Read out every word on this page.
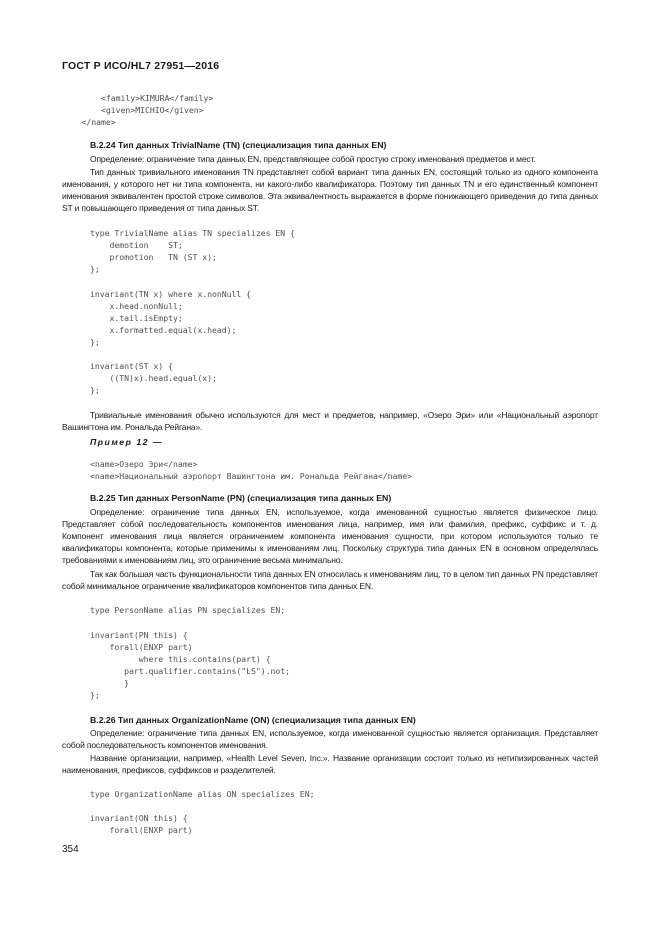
ГОСТ Р ИСО/HL7 27951—2016
<family>KIMURA</family>
<given>MICHIO</given>
</name>
B.2.24 Тип данных TrivialName (TN) (специализация типа данных EN)
Определение: ограничение типа данных EN, представляющее собой простую строку именования предметов и мест.
Тип данных тривиального именования TN представляет собой вариант типа данных EN, состоящий только из одного компонента именования, у которого нет ни типа компонента, ни какого-либо квалификатора. Поэтому тип данных TN и его единственный компонент именования эквивалентен простой строке символов. Эта эквивалентность выражается в форме понижающего приведения до типа данных ST и повышающего приведения от типа данных ST.
type TrivialName alias TN specializes EN {
demotion    ST;
promotion   TN (ST x);
};
invariant(TN x) where x.nonNull {
x.head.nonNull;
x.tail.isEmpty;
x.formatted.equal(x.head);
};
invariant(ST x) {
((TN)x).head.equal(x);
};
Тривиальные именования обычно используются для мест и предметов, например, «Озеро Эри» или «Национальный аэропорт Вашингтона им. Рональда Рейгана».
Пример 12 —
<name>Озеро Эри</name>
<name>Национальный аэропорт Вашингтона им. Рональда Рейгана</name>
B.2.25 Тип данных PersonName (PN) (специализация типа данных EN)
Определение: ограничение типа данных EN, используемое, когда именованной сущностью является физическое лицо. Представляет собой последовательность компонентов именования лица, например, имя или фамилия, префикс, суффикс и т. д. Компонент именования лица является ограничением компонента именования сущности, при котором используются только те квалификаторы компонента, которые применимы к именованиям лиц. Поскольку структура типа данных EN в основном определялась требованиями к именованиям лиц, это ограничение весьма минимально.
Так как большая часть функциональности типа данных EN относилась к именованиям лиц, то в целом тип данных PN представляет собой минимальное ограничение квалификаторов компонентов типа данных EN.
type PersonName alias PN specializes EN;
invariant(PN this) {
forall(ENXP part)
where this.contains(part) {
part.qualifier.contains("LS").not;
}
};
B.2.26 Тип данных OrganizationName (ON) (специализация типа данных EN)
Определение: ограничение типа данных EN, используемое, когда именованной сущностью является организация. Представляет собой последовательность компонентов именования.
Название организации, например, «Health Level Seven, Inc.». Название организации состоит только из нетипизированных частей наименования, префиксов, суффиксов и разделителей.
type OrganizationName alias ON specializes EN;
invariant(ON this) {
forall(ENXP part)
354
